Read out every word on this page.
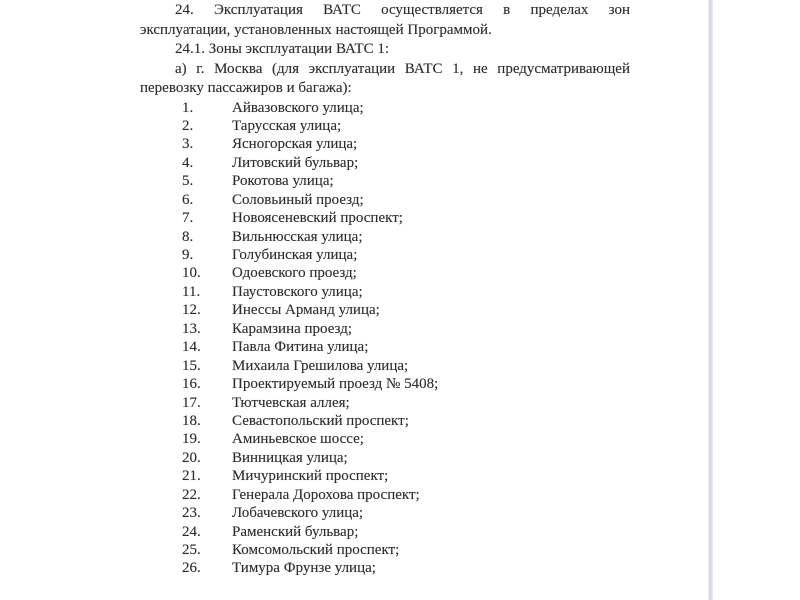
24. Эксплуатация ВАТС осуществляется в пределах зон
эксплуатации, установленных настоящей Программой.
24.1. Зоны эксплуатации ВАТС 1:
а) г. Москва (для эксплуатации ВАТС 1, не предусматривающей
перевозку пассажиров и багажа):
1.	Айвазовского улица;
2.	Тарусская улица;
3.	Ясногорская улица;
4.	Литовский бульвар;
5.	Рокотова улица;
6.	Соловьиный проезд;
7.	Новоясеневский проспект;
8.	Вильнюсская улица;
9.	Голубинская улица;
10.	Одоевского проезд;
11.	Паустовского улица;
12.	Инессы Арманд улица;
13.	Карамзина проезд;
14.	Павла Фитина улица;
15.	Михаила Грешилова улица;
16.	Проектируемый проезд № 5408;
17.	Тютчевская аллея;
18.	Севастопольский проспект;
19.	Аминьевское шоссе;
20.	Винницкая улица;
21.	Мичуринский проспект;
22.	Генерала Дорохова проспект;
23.	Лобачевского улица;
24.	Раменский бульвар;
25.	Комсомольский проспект;
26.	Тимура Фрунзе улица;
